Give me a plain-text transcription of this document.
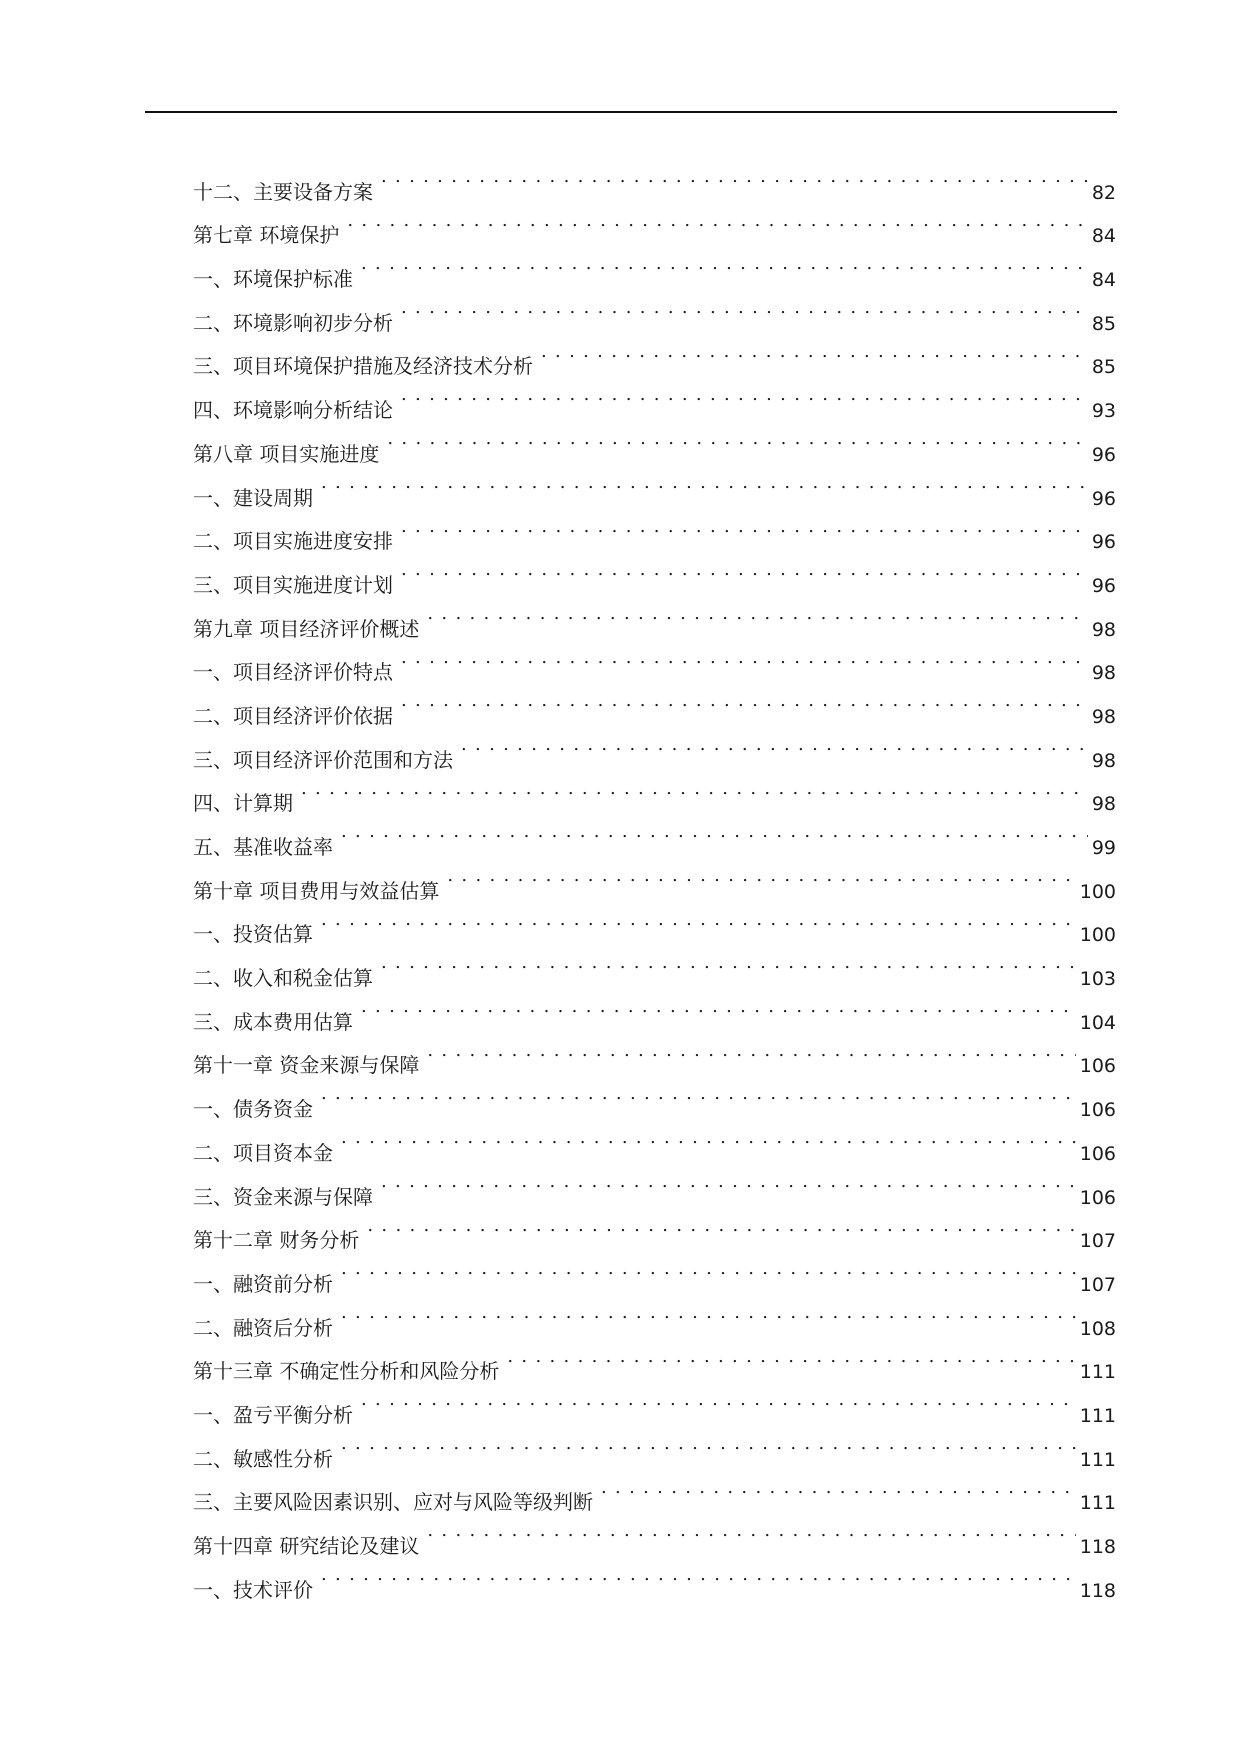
十二、主要设备方案 . . .	82
第七章 环境保护 . . .	84
一、环境保护标准 . . .	84
二、环境影响初步分析 . . .	85
三、项目环境保护措施及经济技术分析 . . .	85
四、环境影响分析结论 . . .	93
第八章 项目实施进度 . . .	96
一、建设周期 . . .	96
二、项目实施进度安排 . . .	96
三、项目实施进度计划 . . .	96
第九章 项目经济评价概述 . . .	98
一、项目经济评价特点 . . .	98
二、项目经济评价依据 . . .	98
三、项目经济评价范围和方法 . . .	98
四、计算期 . . .	98
五、基准收益率 . . .	99
第十章 项目费用与效益估算 . . .	100
一、投资估算 . . .	100
二、收入和税金估算 . . .	103
三、成本费用估算 . . .	104
第十一章 资金来源与保障 . . .	106
一、债务资金 . . .	106
二、项目资本金 . . .	106
三、资金来源与保障 . . .	106
第十二章 财务分析 . . .	107
一、融资前分析 . . .	107
二、融资后分析 . . .	108
第十三章 不确定性分析和风险分析 . . .	111
一、盈亏平衡分析 . . .	111
二、敏感性分析 . . .	111
三、主要风险因素识别、应对与风险等级判断 . . .	111
第十四章 研究结论及建议 . . .	118
一、技术评价 . . .	118
